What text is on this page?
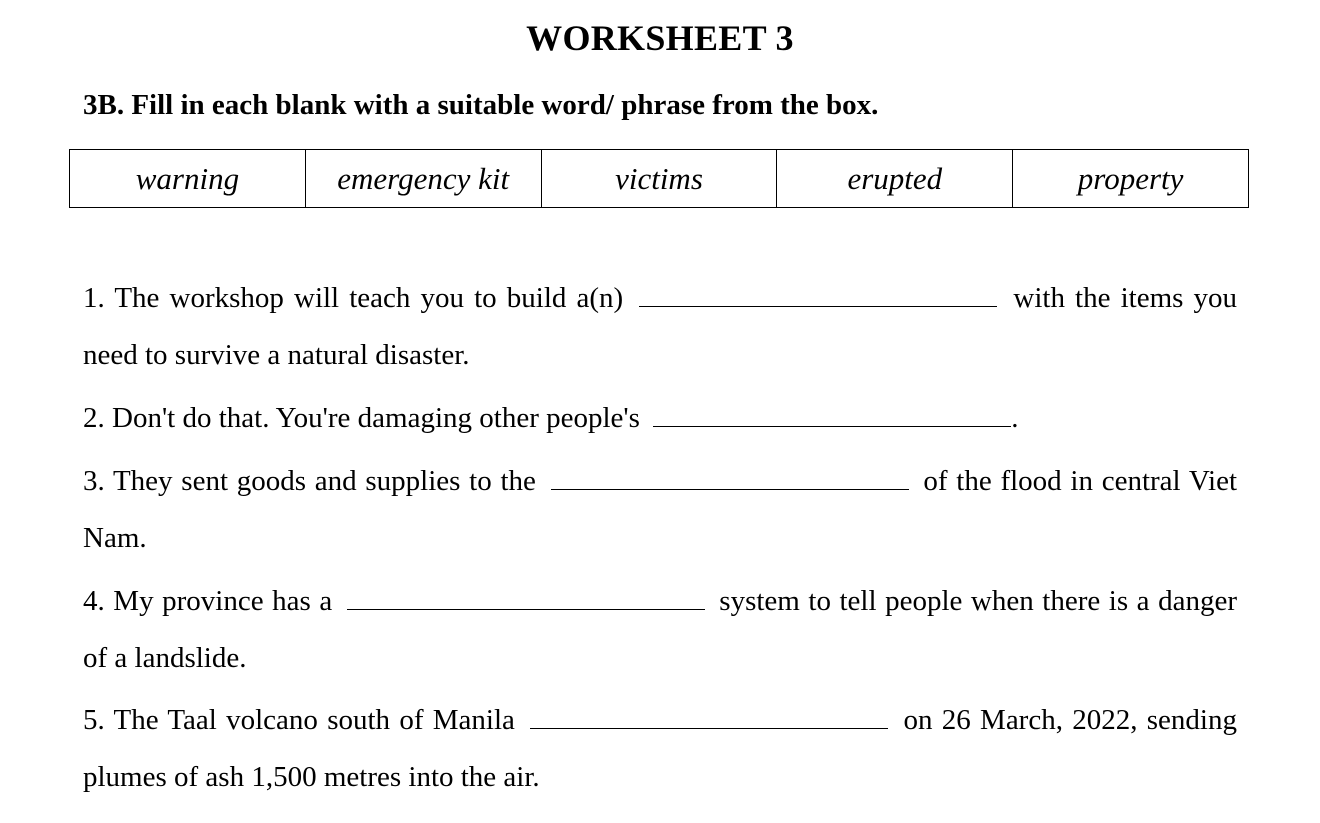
WORKSHEET 3
3B. Fill in each blank with a suitable word/ phrase from the box.
warning	emergency kit	victims	erupted	property
1. The workshop will teach you to build a(n)	with the items you need to survive a natural disaster.
2. Don't do that. You're damaging other people's	.
3. They sent goods and supplies to the	of the flood in central Viet Nam.
4. My province has a	system to tell people when there is a danger of a landslide.
5. The Taal volcano south of Manila	on 26 March, 2022, sending plumes of ash 1,500 metres into the air.
